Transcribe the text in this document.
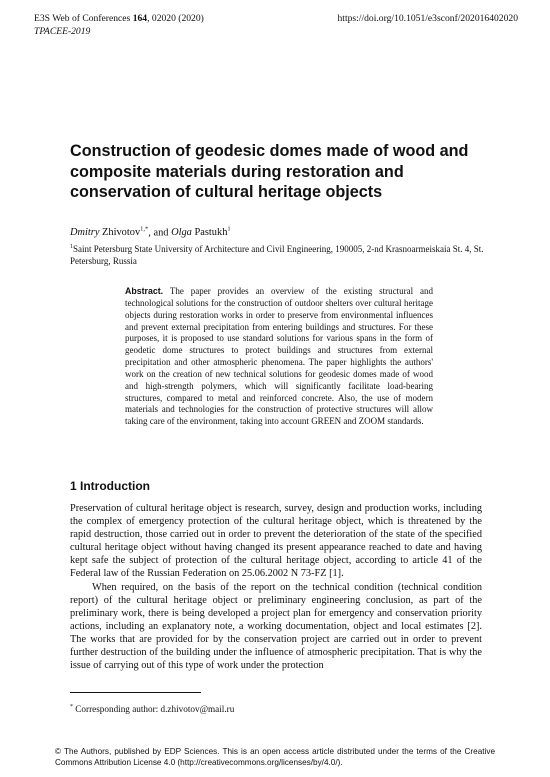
E3S Web of Conferences 164, 02020 (2020)
TPACEE-2019
https://doi.org/10.1051/e3sconf/202016402020
Construction of geodesic domes made of wood and composite materials during restoration and conservation of cultural heritage objects
Dmitry Zhivotov$^{1,*}$, and Olga Pastukh$^1$
$^1$Saint Petersburg State University of Architecture and Civil Engineering, 190005, 2-nd Krasnoarmeiskaia St. 4, St. Petersburg, Russia

Abstract. The paper provides an overview of the existing structural and technological solutions for the construction of outdoor shelters over cultural heritage objects during restoration works in order to preserve from environmental influences and prevent external precipitation from entering buildings and structures. For these purposes, it is proposed to use standard solutions for various spans in the form of geodetic dome structures to protect buildings and structures from external precipitation and other atmospheric phenomena. The paper highlights the authors' work on the creation of new technical solutions for geodesic domes made of wood and high-strength polymers, which will significantly facilitate load-bearing structures, compared to metal and reinforced concrete. Also, the use of modern materials and technologies for the construction of protective structures will allow taking care of the environment, taking into account GREEN and ZOOM standards.

1 Introduction

Preservation of cultural heritage object is research, survey, design and production works, including the complex of emergency protection of the cultural heritage object, which is threatened by the rapid destruction, those carried out in order to prevent the deterioration of the state of the specified cultural heritage object without having changed its present appearance reached to date and having kept safe the subject of protection of the cultural heritage object, according to article 41 of the Federal law of the Russian Federation on 25.06.2002 N 73-FZ [1].

When required, on the basis of the report on the technical condition (technical condition report) of the cultural heritage object or preliminary engineering conclusion, as part of the preliminary work, there is being developed a project plan for emergency and conservation priority actions, including an explanatory note, a working documentation, object and local estimates [2]. The works that are provided for by the conservation project are carried out in order to prevent further destruction of the building under the influence of atmospheric precipitation. That is why the issue of carrying out of this type of work under the protection

* Corresponding author: d.zhivotov@mail.ru
© The Authors, published by EDP Sciences. This is an open access article distributed under the terms of the Creative Commons Attribution License 4.0 (http://creativecommons.org/licenses/by/4.0/).
